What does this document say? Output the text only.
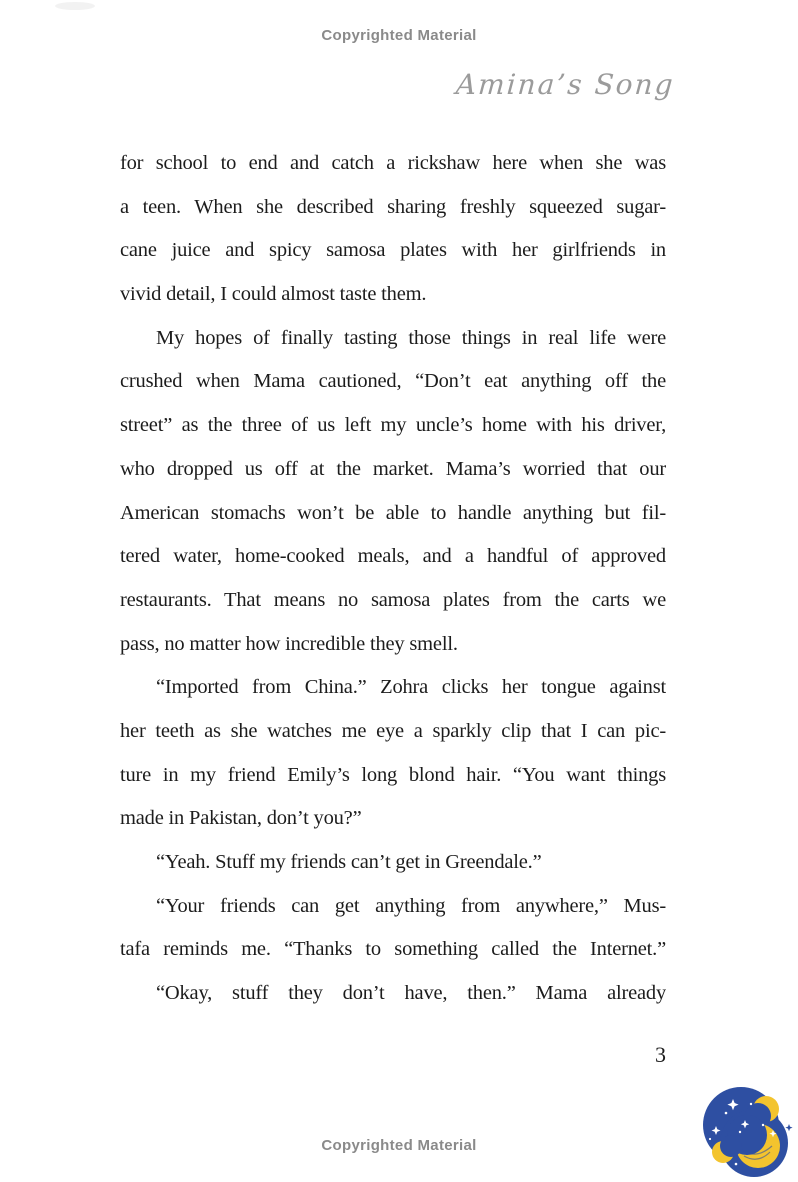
Copyrighted Material
Amina’s Song
for school to end and catch a rickshaw here when she was
a teen. When she described sharing freshly squeezed sugar-
cane juice and spicy samosa plates with her girlfriends in
vivid detail, I could almost taste them.
My hopes of finally tasting those things in real life were
crushed when Mama cautioned, “Don’t eat anything off the
street” as the three of us left my uncle’s home with his driver,
who dropped us off at the market. Mama’s worried that our
American stomachs won’t be able to handle anything but fil-
tered water, home-cooked meals, and a handful of approved
restaurants. That means no samosa plates from the carts we
pass, no matter how incredible they smell.
“Imported from China.” Zohra clicks her tongue against
her teeth as she watches me eye a sparkly clip that I can pic-
ture in my friend Emily’s long blond hair. “You want things
made in Pakistan, don’t you?”
“Yeah. Stuff my friends can’t get in Greendale.”
“Your friends can get anything from anywhere,” Mus-
tafa reminds me. “Thanks to something called the Internet.”
“Okay, stuff they don’t have, then.” Mama already
3
Copyrighted Material
